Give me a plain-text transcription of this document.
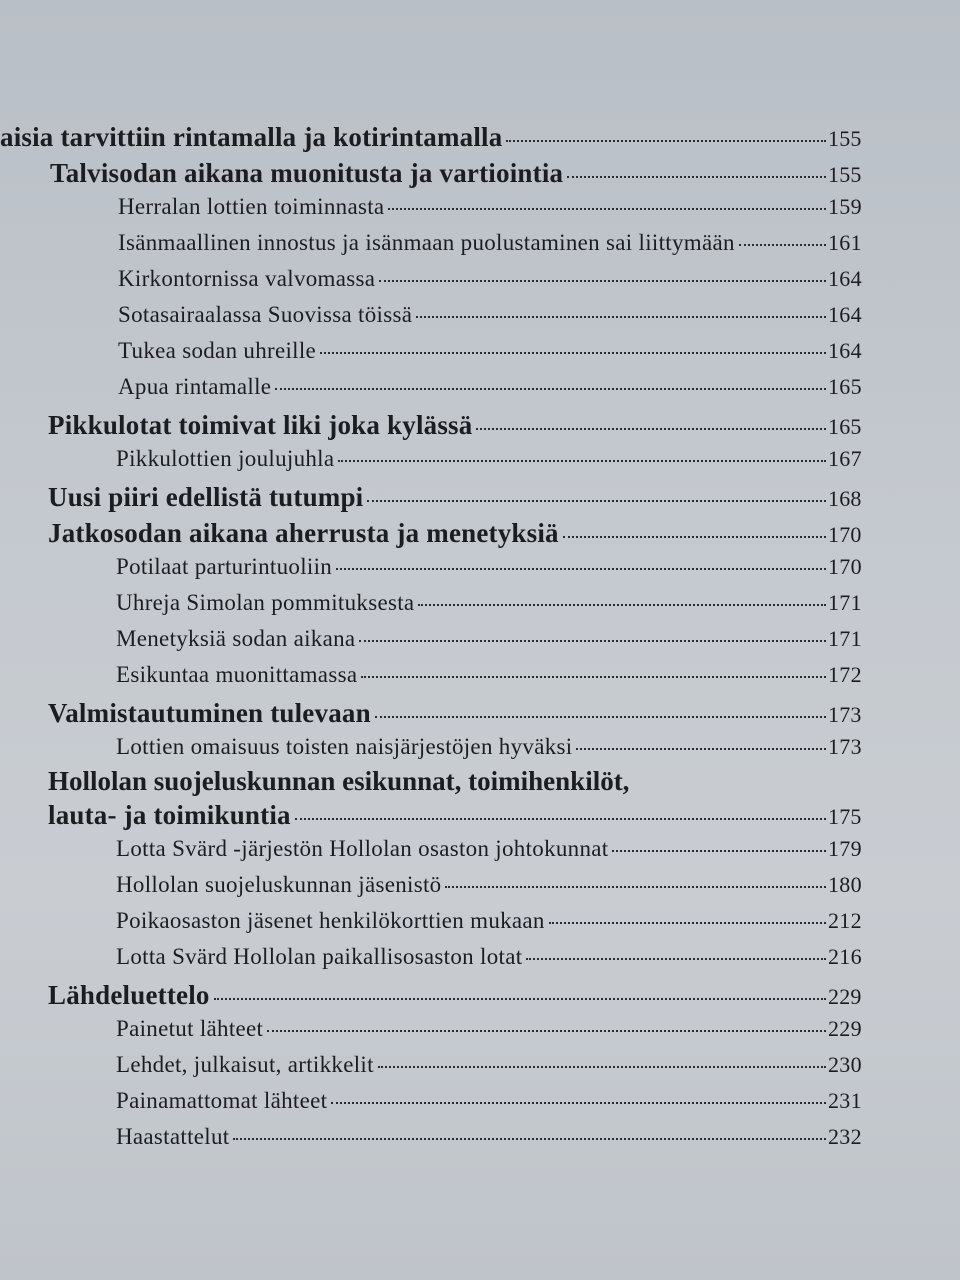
aisia tarvittiin rintamalla ja kotirintamalla	155
Talvisodan aikana muonitusta ja vartiointia	155
Herralan lottien toiminnasta	159
Isänmaallinen innostus ja isänmaan puolustaminen sai liittymään	161
Kirkontornissa valvomassa	164
Sotasairaalassa Suovissa töissä	164
Tukea sodan uhreille	164
Apua rintamalle	165
Pikkulotat toimivat liki joka kylässä	165
Pikkulottien joulujuhla	167
Uusi piiri edellistä tutumpi	168
Jatkosodan aikana aherrusta ja menetyksiä	170
Potilaat parturintuoliin	170
Uhreja Simolan pommituksesta	171
Menetyksiä sodan aikana	171
Esikuntaa muonittamassa	172
Valmistautuminen tulevaan	173
Lottien omaisuus toisten naisjärjestöjen hyväksi	173
Hollolan suojeluskunnan esikunnat, toimihenkilöt,
lauta- ja toimikuntia	175
Lotta Svärd -järjestön Hollolan osaston johtokunnat	179
Hollolan suojeluskunnan jäsenistö	180
Poikaosaston jäsenet henkilökorttien mukaan	212
Lotta Svärd Hollolan paikallisosaston lotat	216
Lähdeluettelo	229
Painetut lähteet	229
Lehdet, julkaisut, artikkelit	230
Painamattomat lähteet	231
Haastattelut	232
